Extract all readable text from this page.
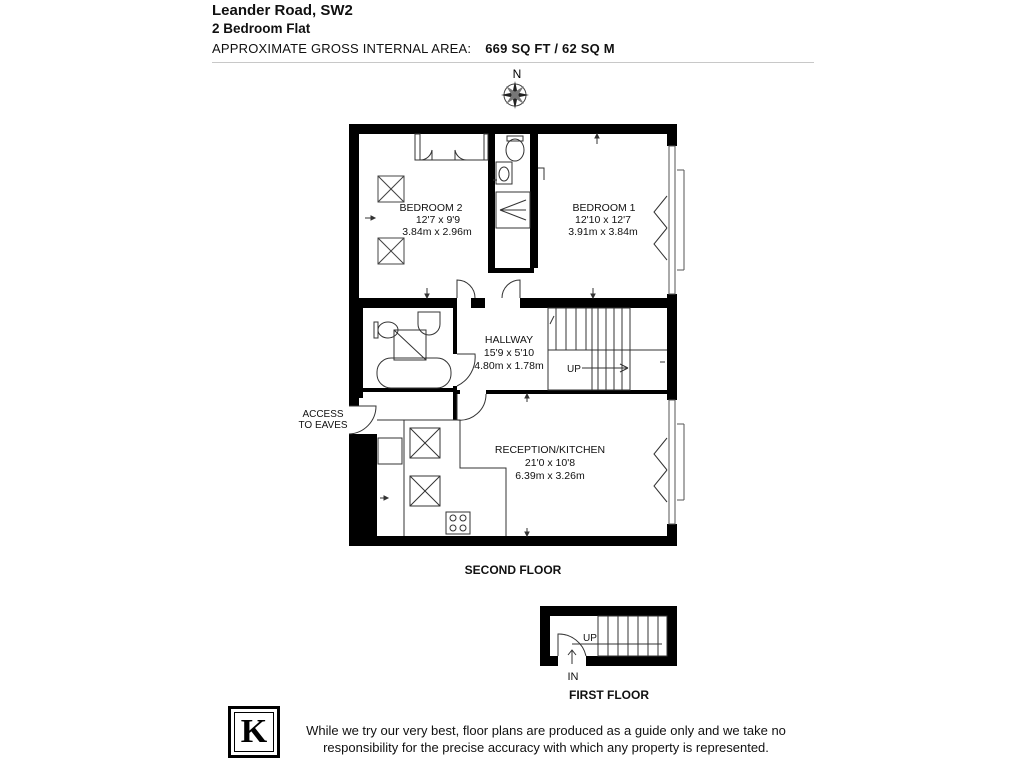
Leander Road, SW2
2 Bedroom Flat
APPROXIMATE GROSS INTERNAL AREA: 669 SQ FT / 62 SQ M
N
BEDROOM 2
12'7 x 9'9
3.84m x 2.96m
BEDROOM 1
12'10 x 12'7
3.91m x 3.84m
HALLWAY
15'9 x 5'10
4.80m x 1.78m
RECEPTION/KITCHEN
21'0 x 10'8
6.39m x 3.26m
ACCESS
TO EAVES
UP
SECOND FLOOR
UP
IN
FIRST FLOOR
K	While we try our very best, floor plans are produced as a guide only and we take no
responsibility for the precise accuracy with which any property is represented.
